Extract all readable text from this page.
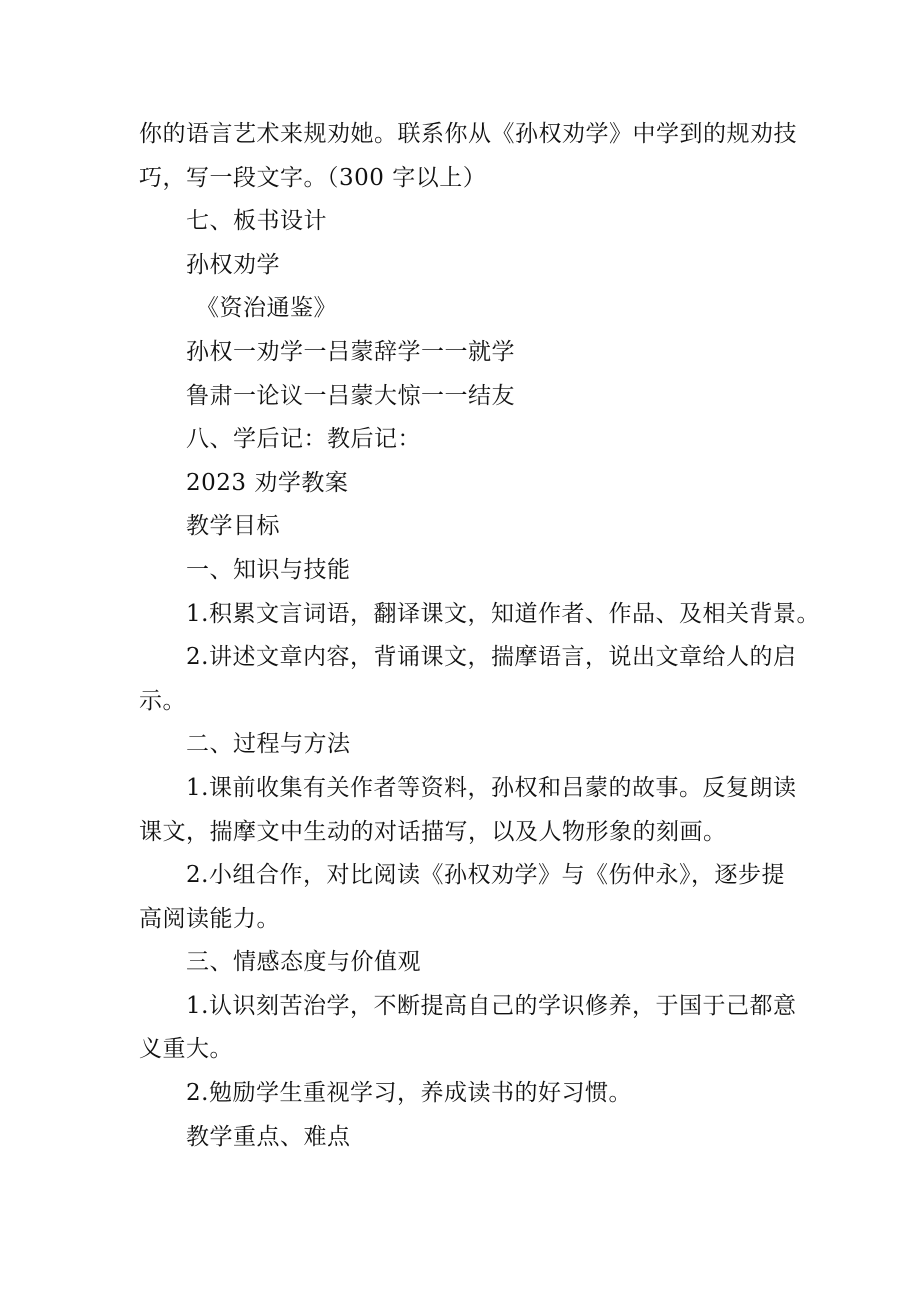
你的语言艺术来规劝她。联系你从《孙权劝学》中学到的规劝技

巧，写一段文字。（300 字以上）

七、板书设计

孙权劝学

《资治通鉴》

孙权一劝学一吕蒙辞学一一就学

鲁肃一论议一吕蒙大惊一一结友

八、学后记：教后记：

2023 劝学教案

教学目标

一、知识与技能

1.积累文言词语，翻译课文，知道作者、作品、及相关背景。

2.讲述文章内容，背诵课文，揣摩语言，说出文章给人的启

示。

二、过程与方法

1.课前收集有关作者等资料，孙权和吕蒙的故事。反复朗读

课文，揣摩文中生动的对话描写，以及人物形象的刻画。

2.小组合作，对比阅读《孙权劝学》与《伤仲永》，逐步提

高阅读能力。

三、情感态度与价值观

1.认识刻苦治学，不断提高自己的学识修养，于国于己都意

义重大。

2.勉励学生重视学习，养成读书的好习惯。

教学重点、难点
